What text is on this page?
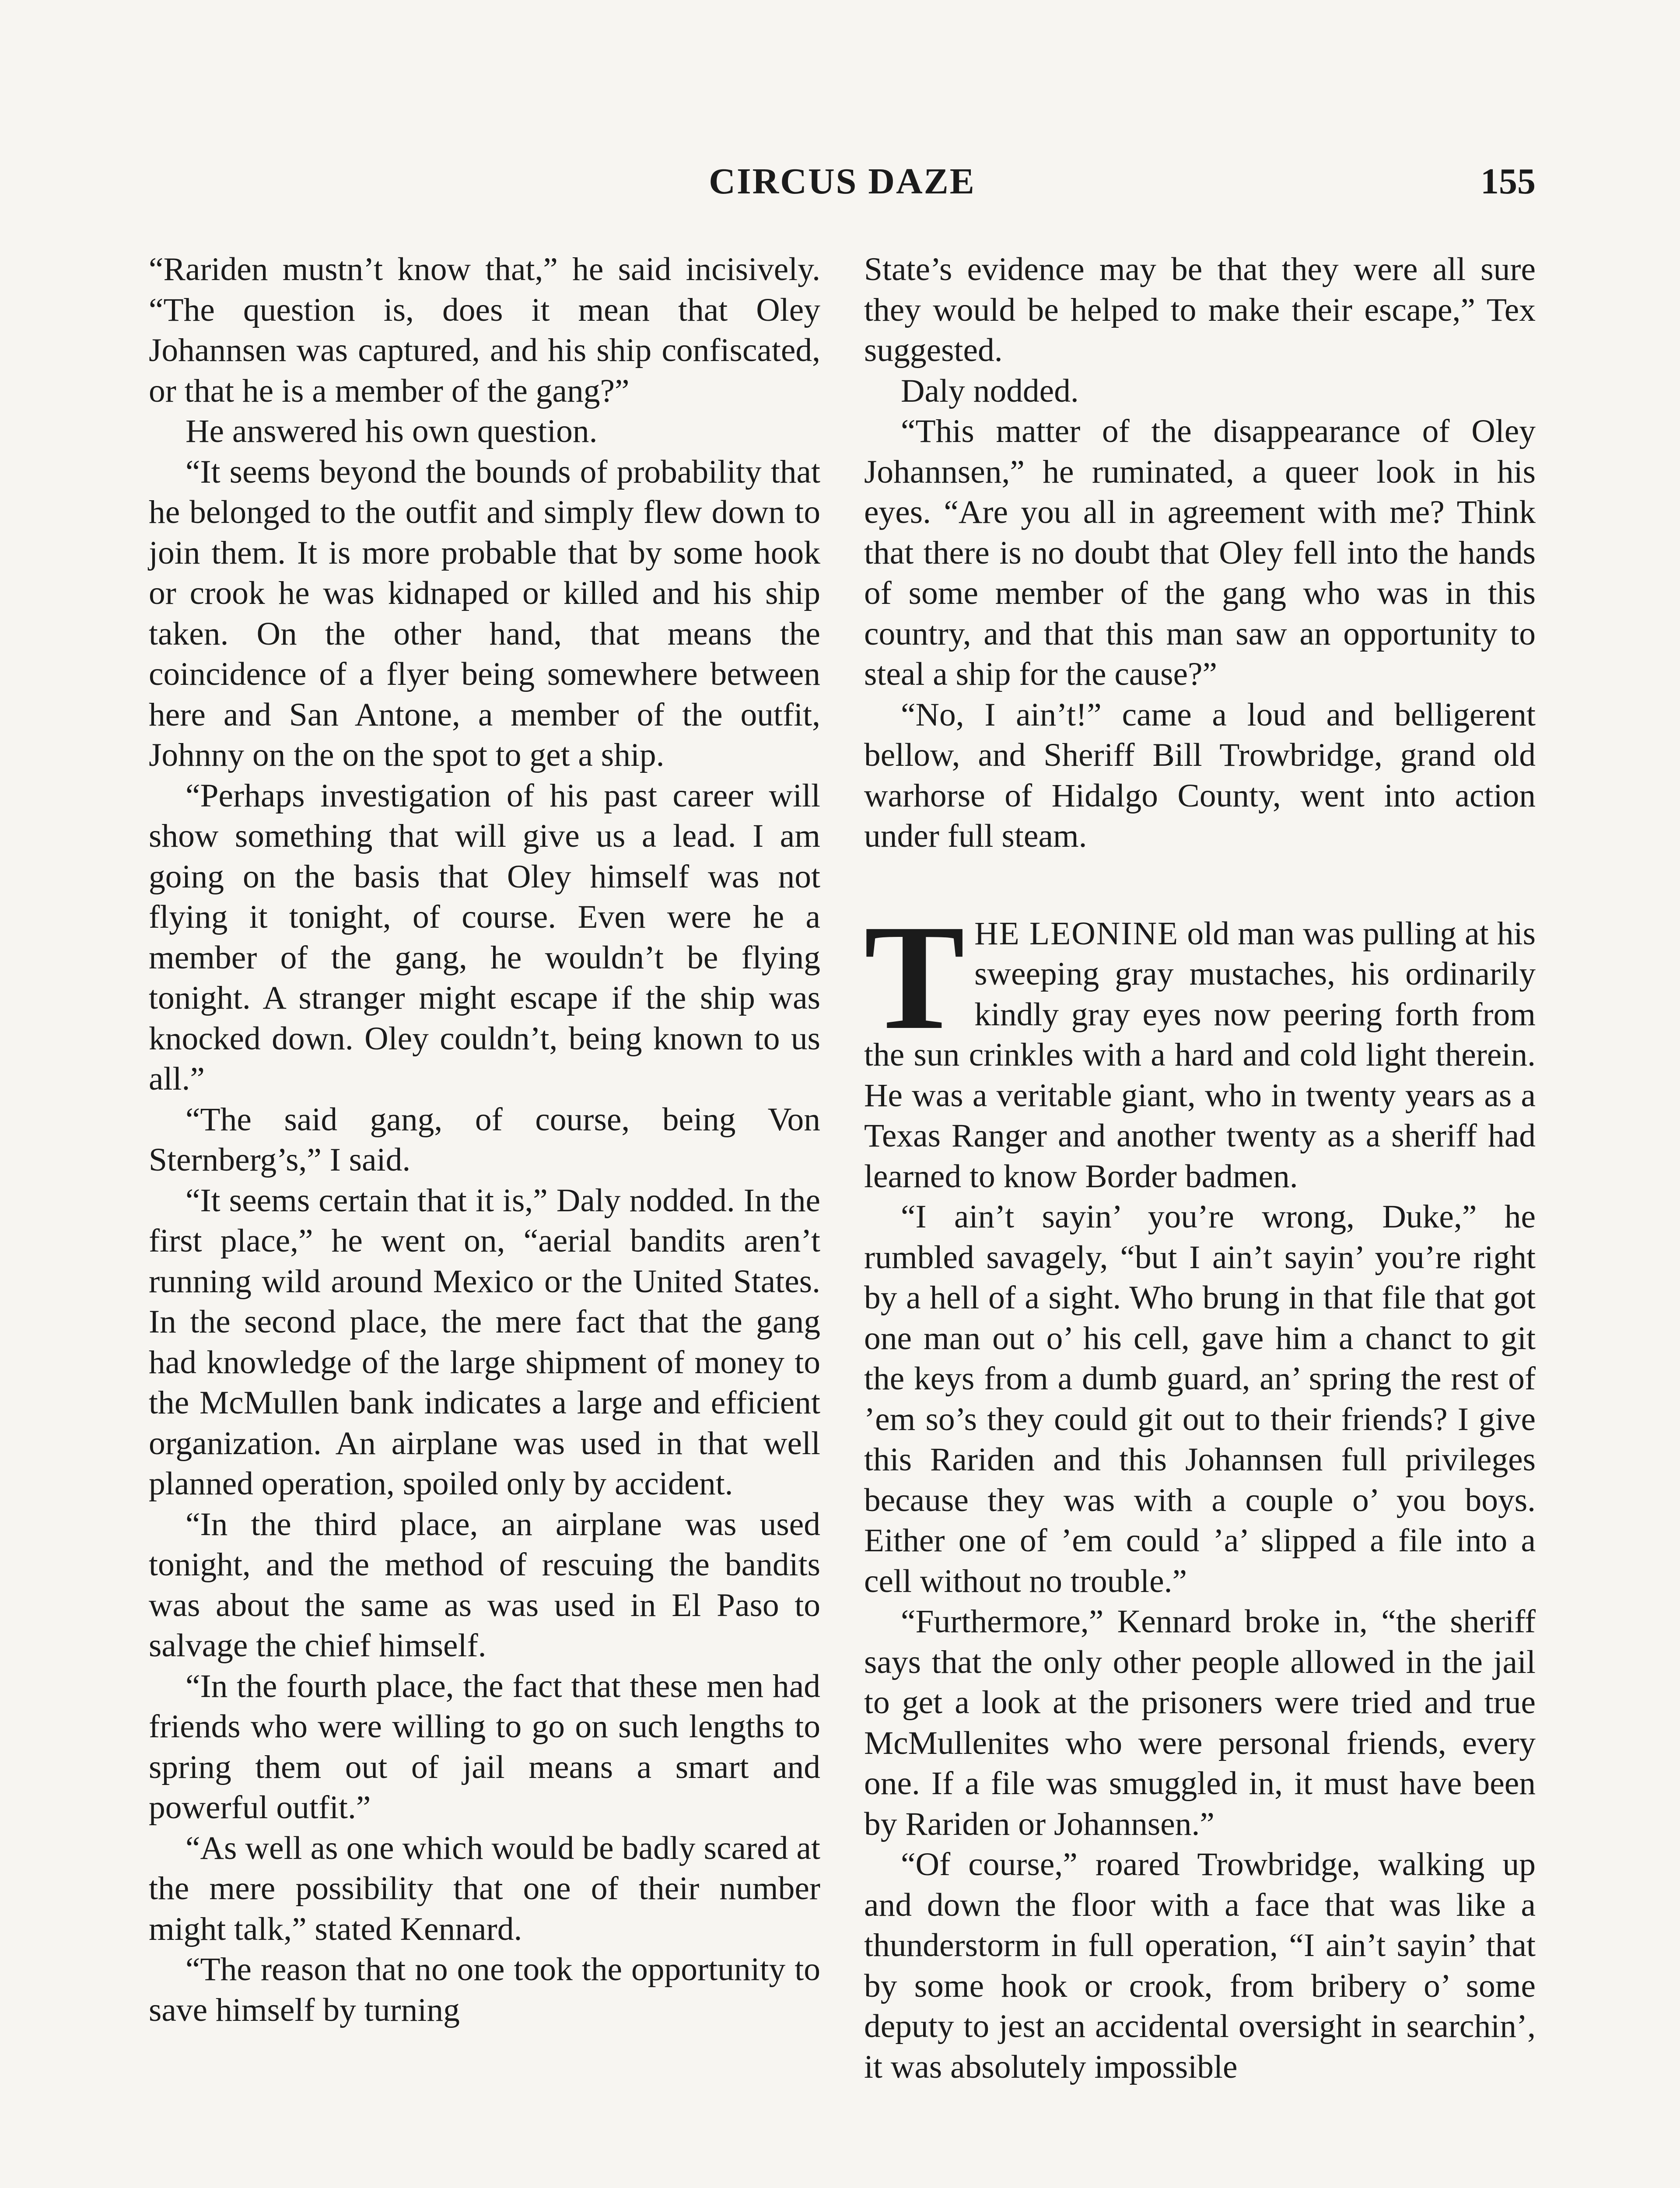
CIRCUS DAZE	155

“Rariden mustn’t know that,” he said incisively. “The question is, does it mean that Oley Johannsen was captured, and his ship confiscated, or that he is a member of the gang?”

He answered his own question.

“It seems beyond the bounds of probability that he belonged to the outfit and simply flew down to join them. It is more probable that by some hook or crook he was kidnaped or killed and his ship taken. On the other hand, that means the coincidence of a flyer being somewhere between here and San Antone, a member of the outfit, Johnny on the on the spot to get a ship.

“Perhaps investigation of his past career will show something that will give us a lead. I am going on the basis that Oley himself was not flying it tonight, of course. Even were he a member of the gang, he wouldn’t be flying tonight. A stranger might escape if the ship was knocked down. Oley couldn’t, being known to us all.”

“The said gang, of course, being Von Sternberg’s,” I said.

“It seems certain that it is,” Daly nodded. In the first place,” he went on, “aerial bandits aren’t running wild around Mexico or the United States. In the second place, the mere fact that the gang had knowledge of the large shipment of money to the McMullen bank indicates a large and efficient organization. An airplane was used in that well planned operation, spoiled only by accident.

“In the third place, an airplane was used tonight, and the method of rescuing the bandits was about the same as was used in El Paso to salvage the chief himself.

“In the fourth place, the fact that these men had friends who were willing to go on such lengths to spring them out of jail means a smart and powerful outfit.”

“As well as one which would be badly scared at the mere possibility that one of their number might talk,” stated Kennard.

“The reason that no one took the opportunity to save himself by turning

State’s evidence may be that they were all sure they would be helped to make their escape,” Tex suggested.

Daly nodded.

“This matter of the disappearance of Oley Johannsen,” he ruminated, a queer look in his eyes. “Are you all in agreement with me? Think that there is no doubt that Oley fell into the hands of some member of the gang who was in this country, and that this man saw an opportunity to steal a ship for the cause?”

“No, I ain’t!” came a loud and belligerent bellow, and Sheriff Bill Trowbridge, grand old warhorse of Hidalgo County, went into action under full steam.

THE LEONINE old man was pulling at his sweeping gray mustaches, his ordinarily kindly gray eyes now peering forth from the sun crinkles with a hard and cold light therein. He was a veritable giant, who in twenty years as a Texas Ranger and another twenty as a sheriff had learned to know Border badmen.

“I ain’t sayin’ you’re wrong, Duke,” he rumbled savagely, “but I ain’t sayin’ you’re right by a hell of a sight. Who brung in that file that got one man out o’ his cell, gave him a chanct to git the keys from a dumb guard, an’ spring the rest of ’em so’s they could git out to their friends? I give this Rariden and this Johannsen full privileges because they was with a couple o’ you boys. Either one of ’em could ’a’ slipped a file into a cell without no trouble.”

“Furthermore,” Kennard broke in, “the sheriff says that the only other people allowed in the jail to get a look at the prisoners were tried and true McMullenites who were personal friends, every one. If a file was smuggled in, it must have been by Rariden or Johannsen.”

“Of course,” roared Trowbridge, walking up and down the floor with a face that was like a thunderstorm in full operation, “I ain’t sayin’ that by some hook or crook, from bribery o’ some deputy to jest an accidental oversight in searchin’, it was absolutely impossible
